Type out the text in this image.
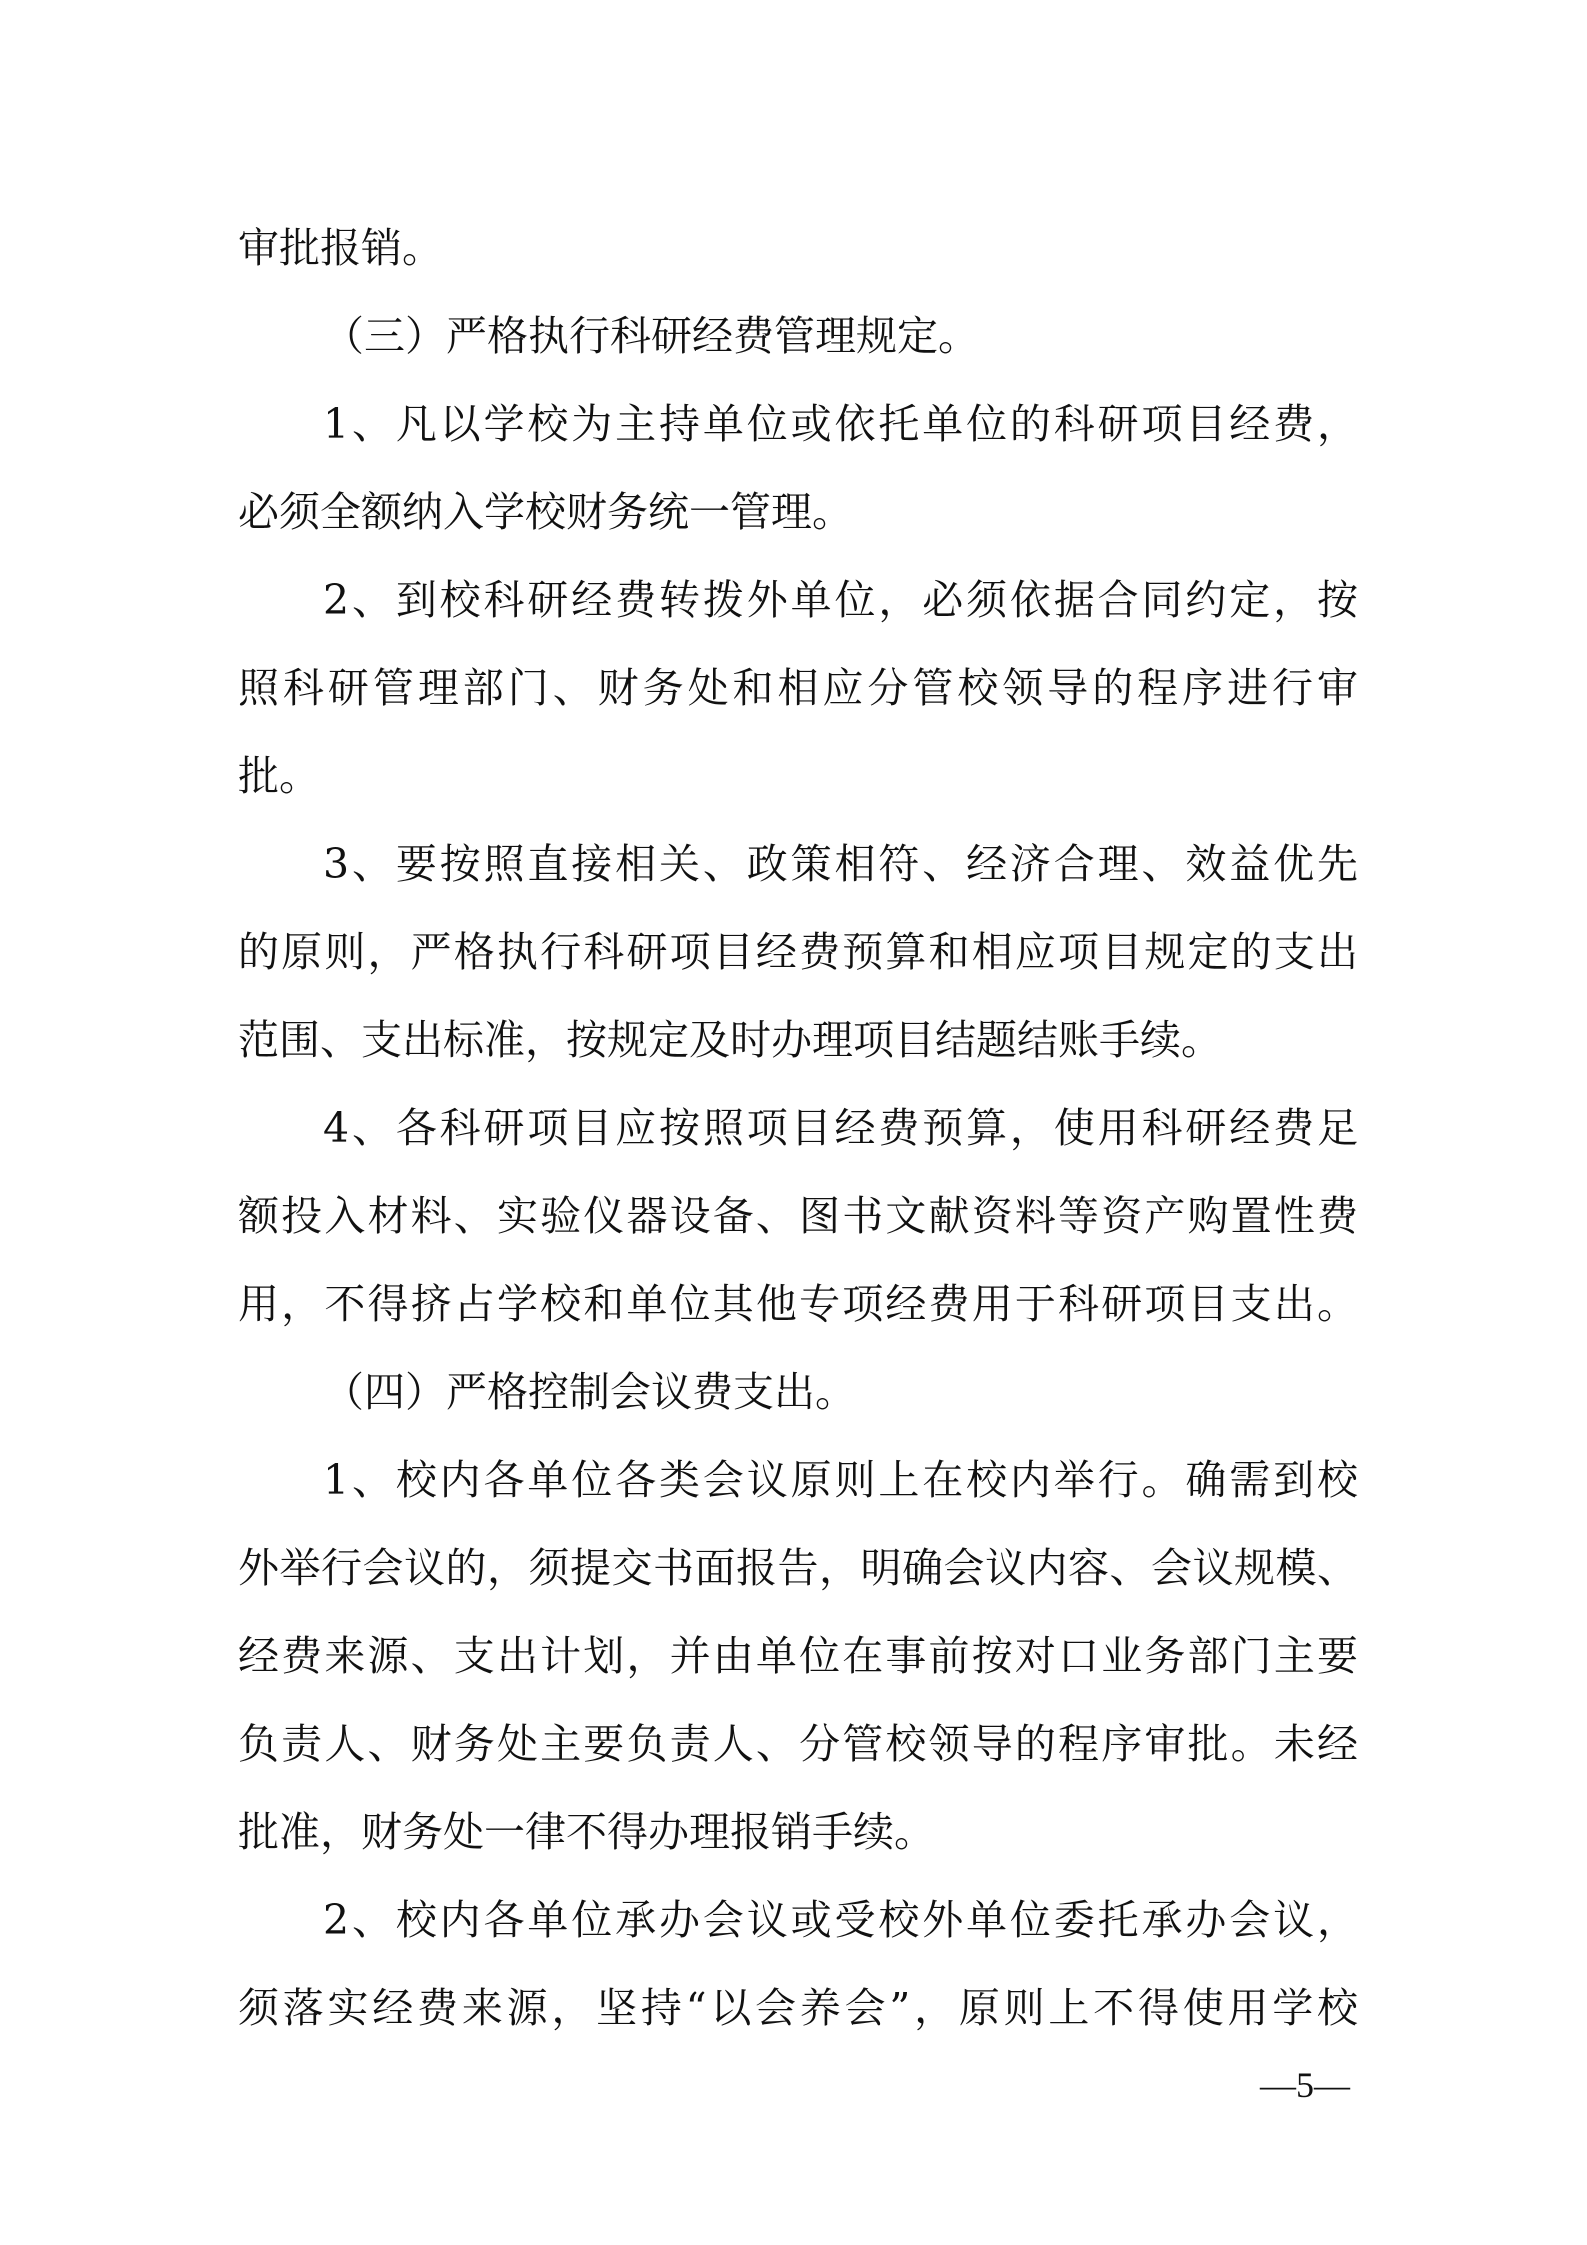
审批报销。
（三）严格执行科研经费管理规定。
1、凡以学校为主持单位或依托单位的科研项目经费，
必须全额纳入学校财务统一管理。
2、到校科研经费转拨外单位，必须依据合同约定，按
照科研管理部门、财务处和相应分管校领导的程序进行审
批。
3、要按照直接相关、政策相符、经济合理、效益优先
的原则，严格执行科研项目经费预算和相应项目规定的支出
范围、支出标准，按规定及时办理项目结题结账手续。
4、各科研项目应按照项目经费预算，使用科研经费足
额投入材料、实验仪器设备、图书文献资料等资产购置性费
用，不得挤占学校和单位其他专项经费用于科研项目支出。
（四）严格控制会议费支出。
1、校内各单位各类会议原则上在校内举行。确需到校
外举行会议的，须提交书面报告，明确会议内容、会议规模、
经费来源、支出计划，并由单位在事前按对口业务部门主要
负责人、财务处主要负责人、分管校领导的程序审批。未经
批准，财务处一律不得办理报销手续。
2、校内各单位承办会议或受校外单位委托承办会议，
须落实经费来源，坚持“以会养会”，原则上不得使用学校
—5—
